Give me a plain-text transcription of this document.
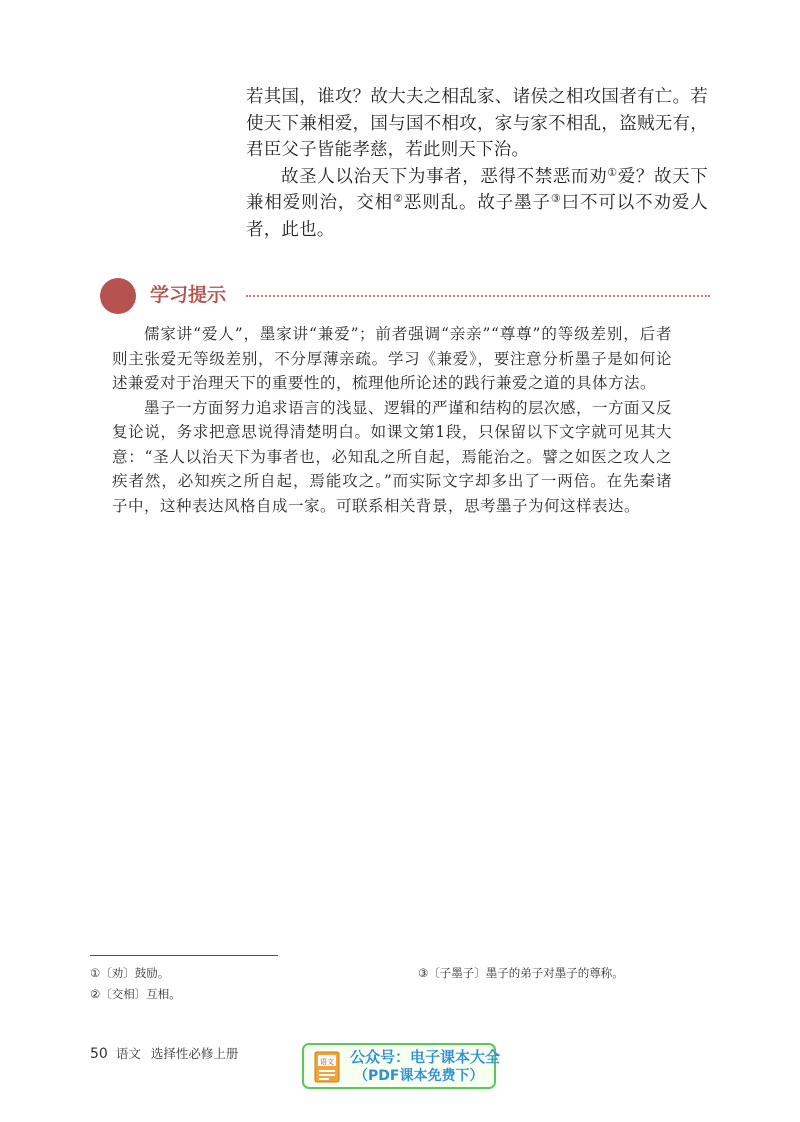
若其国，谁攻？故大夫之相乱家、诸侯之相攻国者有亡。若使天下兼相爱，国与国不相攻，家与家不相乱，盗贼无有，君臣父子皆能孝慈，若此则天下治。

故圣人以治天下为事者，恶得不禁恶而劝①爱？故天下兼相爱则治，交相②恶则乱。故子墨子③曰不可以不劝爱人者，此也。

学习提示

儒家讲“爱人”，墨家讲“兼爱”；前者强调“亲亲”“尊尊”的等级差别，后者则主张爱无等级差别，不分厚薄亲疏。学习《兼爱》，要注意分析墨子是如何论述兼爱对于治理天下的重要性的，梳理他所论述的践行兼爱之道的具体方法。

墨子一方面努力追求语言的浅显、逻辑的严谨和结构的层次感，一方面又反复论说，务求把意思说得清楚明白。如课文第1段，只保留以下文字就可见其大意：“圣人以治天下为事者也，必知乱之所自起，焉能治之。譬之如医之攻人之疾者然，必知疾之所自起，焉能攻之。”而实际文字却多出了一两倍。在先秦诸子中，这种表达风格自成一家。可联系相关背景，思考墨子为何这样表达。

①〔劝〕鼓励。
②〔交相〕互相。
③〔子墨子〕墨子的弟子对墨子的尊称。
50 语文 选择性必修上册
语文 公众号：电子课本大全
（PDF课本免费下）
